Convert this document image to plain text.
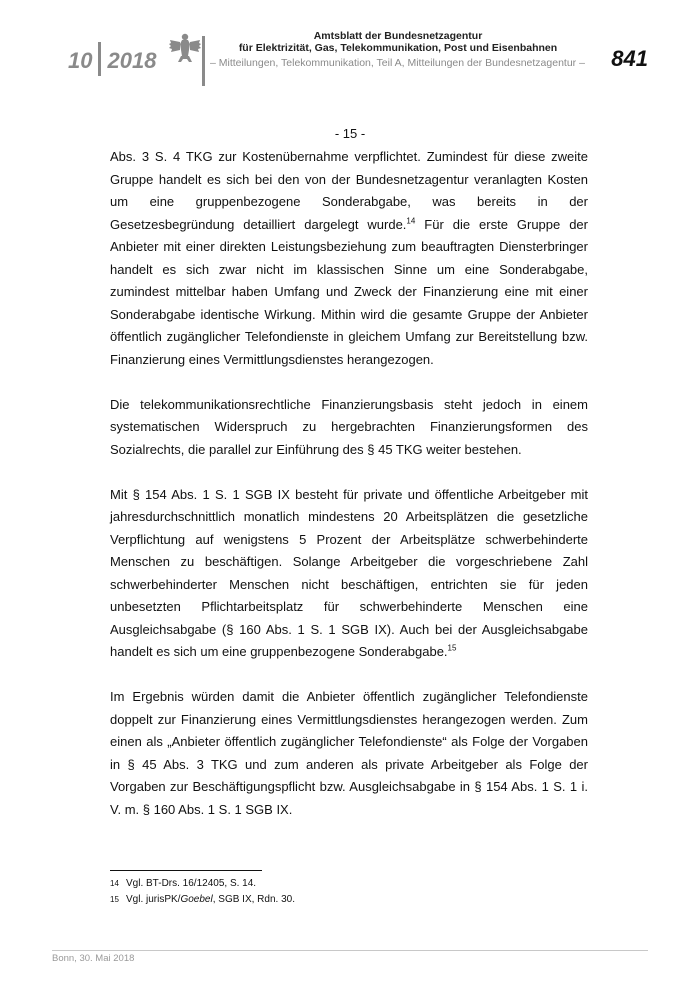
10 2018
Amtsblatt der Bundesnetzagentur
für Elektrizität, Gas, Telekommunikation, Post und Eisenbahnen
– Mitteilungen, Telekommunikation, Teil A, Mitteilungen der Bundesnetzagentur – 841
- 15 -

Abs. 3 S. 4 TKG zur Kostenübernahme verpflichtet. Zumindest für diese zweite Gruppe handelt es sich bei den von der Bundesnetzagentur veranlagten Kosten um eine gruppenbezogene Sonderabgabe, was bereits in der Gesetzesbegründung detailliert dargelegt wurde.$^{14}$ Für die erste Gruppe der Anbieter mit einer direkten Leistungsbeziehung zum beauftragten Diensterbringer handelt es sich zwar nicht im klassischen Sinne um eine Sonderabgabe, zumindest mittelbar haben Umfang und Zweck der Finanzierung eine mit einer Sonderabgabe identische Wirkung. Mithin wird die gesamte Gruppe der Anbieter öffentlich zugänglicher Telefondienste in gleichem Umfang zur Bereitstellung bzw. Finanzierung eines Vermittlungsdienstes herangezogen.

Die telekommunikationsrechtliche Finanzierungsbasis steht jedoch in einem systematischen Widerspruch zu hergebrachten Finanzierungsformen des Sozialrechts, die parallel zur Einführung des § 45 TKG weiter bestehen.

Mit § 154 Abs. 1 S. 1 SGB IX besteht für private und öffentliche Arbeitgeber mit jahresdurchschnittlich monatlich mindestens 20 Arbeitsplätzen die gesetzliche Verpflichtung auf wenigstens 5 Prozent der Arbeitsplätze schwerbehinderte Menschen zu beschäftigen. Solange Arbeitgeber die vorgeschriebene Zahl schwerbehinderter Menschen nicht beschäftigen, entrichten sie für jeden unbesetzten Pflichtarbeitsplatz für schwerbehinderte Menschen eine Ausgleichsabgabe (§ 160 Abs. 1 S. 1 SGB IX). Auch bei der Ausgleichsabgabe handelt es sich um eine gruppenbezogene Sonderabgabe.$^{15}$

Im Ergebnis würden damit die Anbieter öffentlich zugänglicher Telefondienste doppelt zur Finanzierung eines Vermittlungsdienstes herangezogen werden. Zum einen als „Anbieter öffentlich zugänglicher Telefondienste“ als Folge der Vorgaben in § 45 Abs. 3 TKG und zum anderen als private Arbeitgeber als Folge der Vorgaben zur Beschäftigungspflicht bzw. Ausgleichsabgabe in § 154 Abs. 1 S. 1 i. V. m. § 160 Abs. 1 S. 1 SGB IX.

14 Vgl. BT-Drs. 16/12405, S. 14.
15 Vgl. jurisPK/Goebel, SGB IX, Rdn. 30.
Bonn, 30. Mai 2018
